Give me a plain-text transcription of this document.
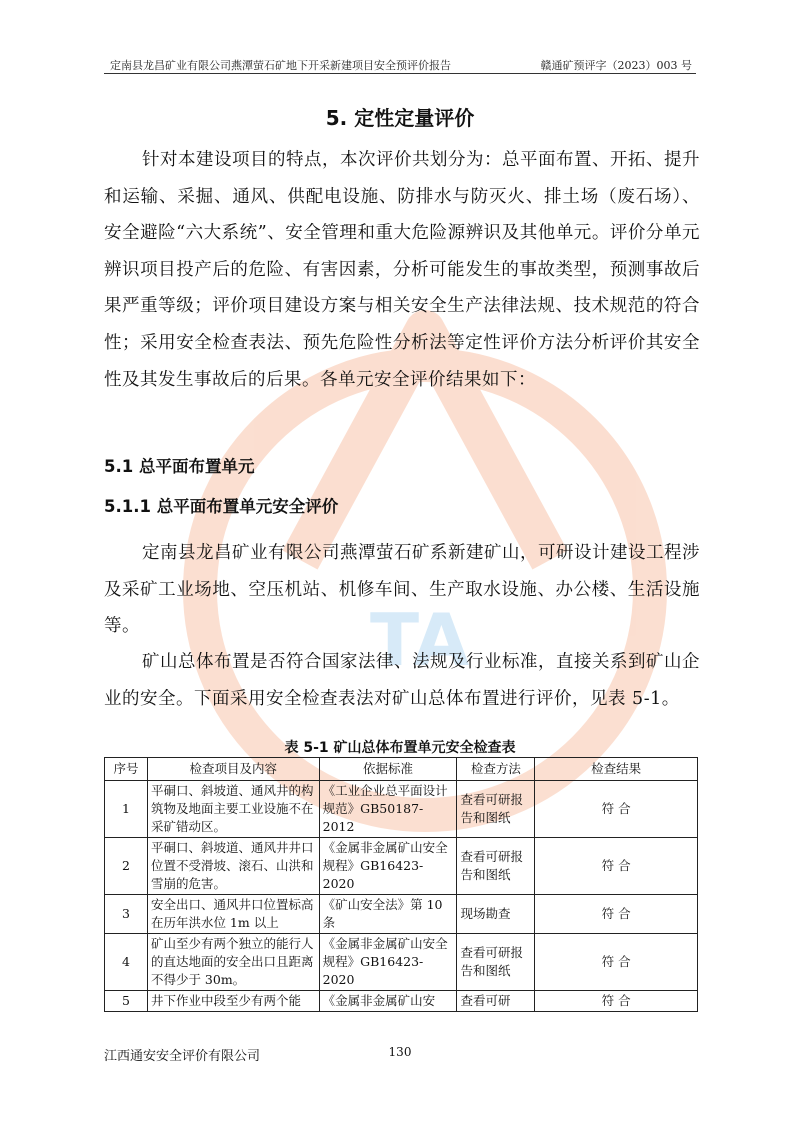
TA
定南县龙昌矿业有限公司燕潭萤石矿地下开采新建项目安全预评价报告	赣通矿预评字（2023）003 号
5. 定性定量评价
针对本建设项目的特点，本次评价共划分为：总平面布置、开拓、提升和运输、采掘、通风、供配电设施、防排水与防灭火、排土场（废石场）、安全避险“六大系统”、安全管理和重大危险源辨识及其他单元。评价分单元辨识项目投产后的危险、有害因素，分析可能发生的事故类型，预测事故后果严重等级；评价项目建设方案与相关安全生产法律法规、技术规范的符合性；采用安全检查表法、预先危险性分析法等定性评价方法分析评价其安全性及其发生事故后的后果。各单元安全评价结果如下：
5.1 总平面布置单元
5.1.1 总平面布置单元安全评价
定南县龙昌矿业有限公司燕潭萤石矿系新建矿山，可研设计建设工程涉及采矿工业场地、空压机站、机修车间、生产取水设施、办公楼、生活设施等。
矿山总体布置是否符合国家法律、法规及行业标准，直接关系到矿山企业的安全。下面采用安全检查表法对矿山总体布置进行评价，见表 5-1。
表 5-1 矿山总体布置单元安全检查表
序号	检查项目及内容	依据标准	检查方法	检查结果
1	平硐口、斜坡道、通风井的构筑物及地面主要工业设施不在采矿错动区。	《工业企业总平面设计规范》GB50187-2012	查看可研报告和图纸	符 合
2	平硐口、斜坡道、通风井井口位置不受滑坡、滚石、山洪和雪崩的危害。	《金属非金属矿山安全规程》GB16423-2020	查看可研报告和图纸	符 合
3	安全出口、通风井口位置标高在历年洪水位 1m 以上	《矿山安全法》第 10 条	现场勘查	符 合
4	矿山至少有两个独立的能行人的直达地面的安全出口且距离不得少于 30m。	《金属非金属矿山安全规程》GB16423-2020	查看可研报告和图纸	符 合
5	井下作业中段至少有两个能	《金属非金属矿山安	查看可研	符 合
江西通安安全评价有限公司	130
